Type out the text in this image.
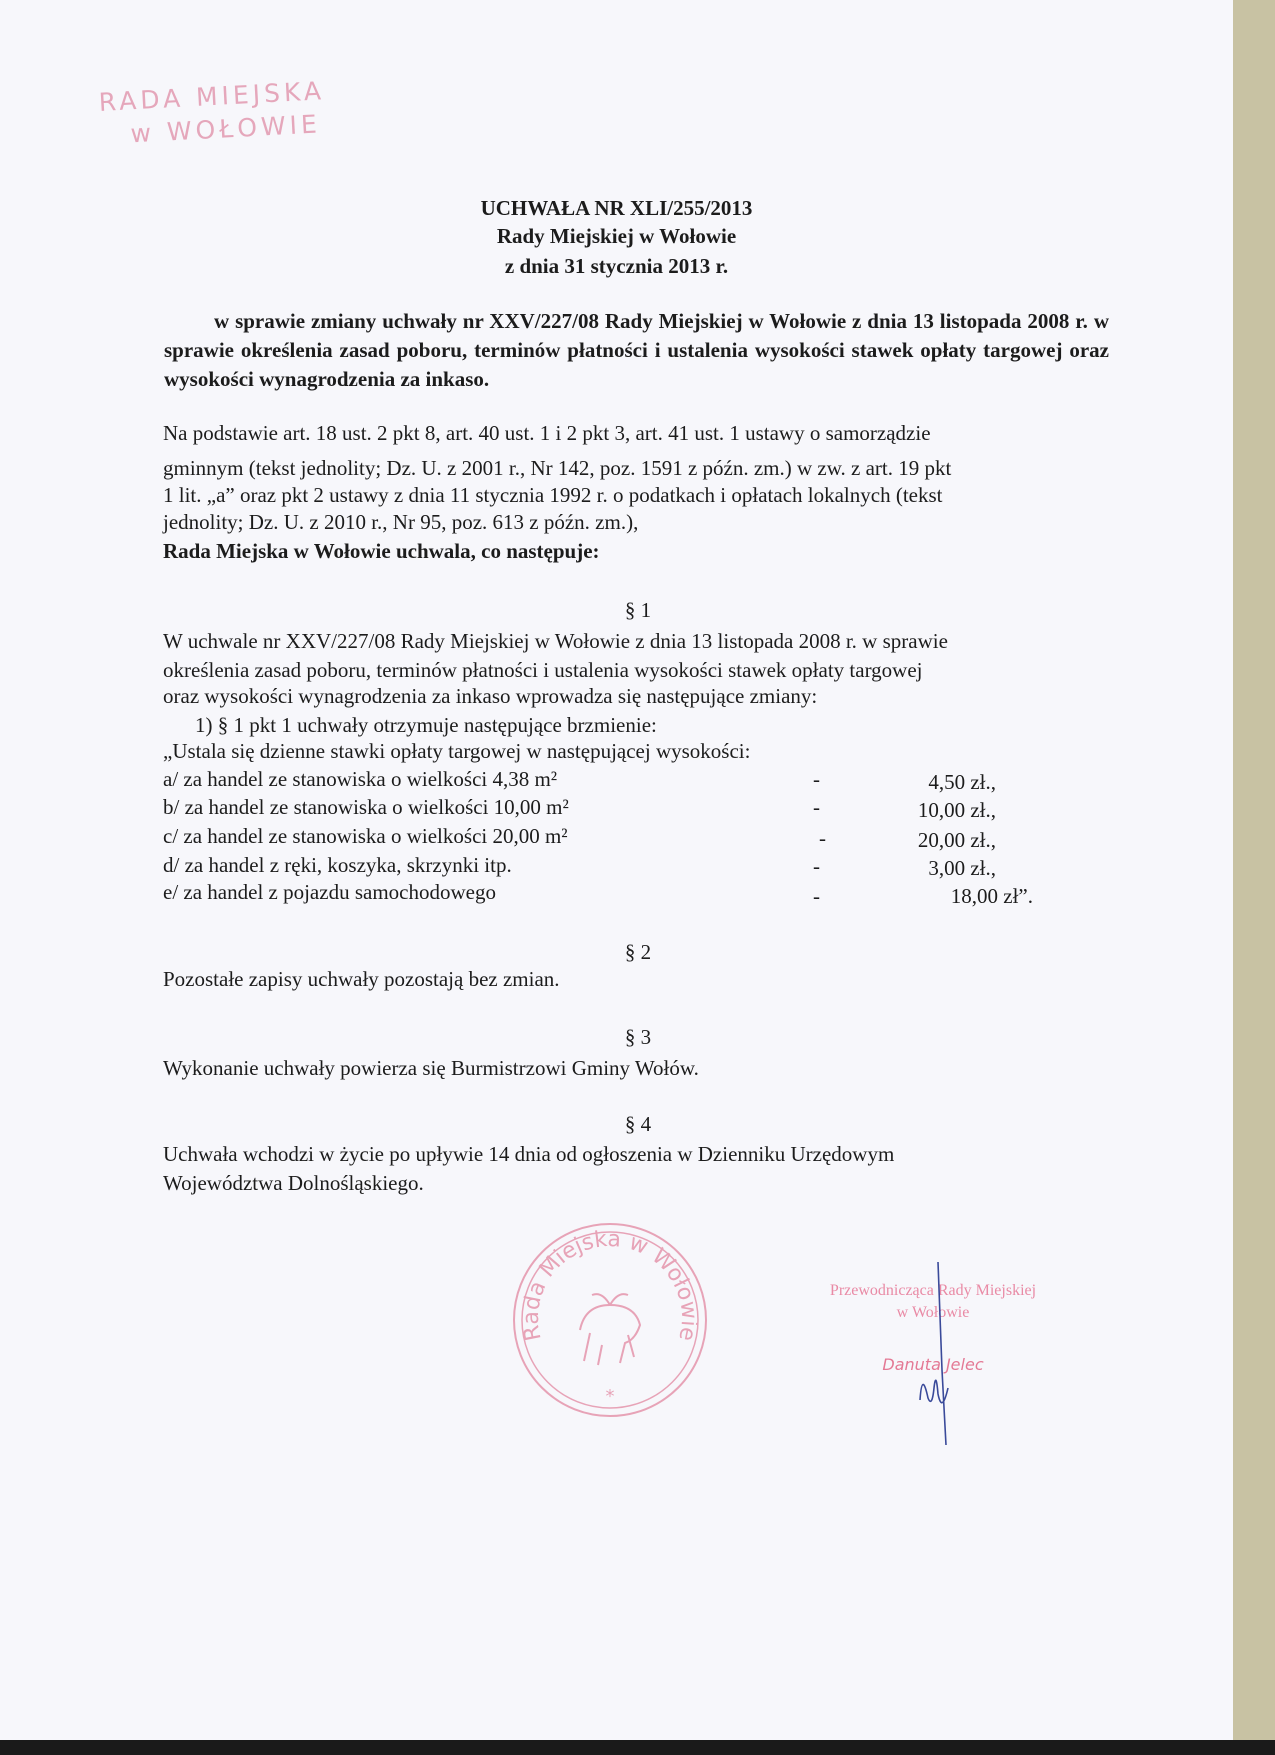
RADA MIEJSKA
w WOŁOWIE
UCHWAŁA NR XLI/255/2013
Rady Miejskiej w Wołowie
z dnia 31 stycznia 2013 r.
w sprawie zmiany uchwały nr XXV/227/08 Rady Miejskiej w Wołowie z dnia 13 listopada 2008 r. w sprawie określenia zasad poboru, terminów płatności i ustalenia wysokości stawek opłaty targowej oraz wysokości wynagrodzenia za inkaso.
Na podstawie art. 18 ust. 2 pkt 8, art. 40 ust. 1 i 2 pkt 3, art. 41 ust. 1 ustawy o samorządzie
gminnym (tekst jednolity; Dz. U. z 2001 r., Nr 142, poz. 1591 z późn. zm.) w zw. z art. 19 pkt
1 lit. „a” oraz pkt 2 ustawy z dnia 11 stycznia 1992 r. o podatkach i opłatach lokalnych (tekst
jednolity; Dz. U. z 2010 r., Nr 95, poz. 613 z późn. zm.),
Rada Miejska w Wołowie uchwala, co następuje:
§ 1
W uchwale nr XXV/227/08 Rady Miejskiej w Wołowie z dnia 13 listopada 2008 r. w sprawie
określenia zasad poboru, terminów płatności i ustalenia wysokości stawek opłaty targowej
oraz wysokości wynagrodzenia za inkaso wprowadza się następujące zmiany:
1) § 1 pkt 1 uchwały otrzymuje następujące brzmienie:
„Ustala się dzienne stawki opłaty targowej w następującej wysokości:
a/ za handel ze stanowiska o wielkości 4,38 m²	-	4,50 zł.,
b/ za handel ze stanowiska o wielkości 10,00 m²	-	10,00 zł.,
c/ za handel ze stanowiska o wielkości 20,00 m²	-	20,00 zł.,
d/ za handel z ręki, koszyka, skrzynki itp.	-	3,00 zł.,
e/ za handel z pojazdu samochodowego	-	18,00 zł”.
§ 2
Pozostałe zapisy uchwały pozostają bez zmian.
§ 3
Wykonanie uchwały powierza się Burmistrzowi Gminy Wołów.
§ 4
Uchwała wchodzi w życie po upływie 14 dnia od ogłoszenia w Dzienniku Urzędowym
Województwa Dolnośląskiego.
Rada Miejska w Wołowie
*
Przewodnicząca Rady Miejskiej
w Wołowie
Danuta Jelec
